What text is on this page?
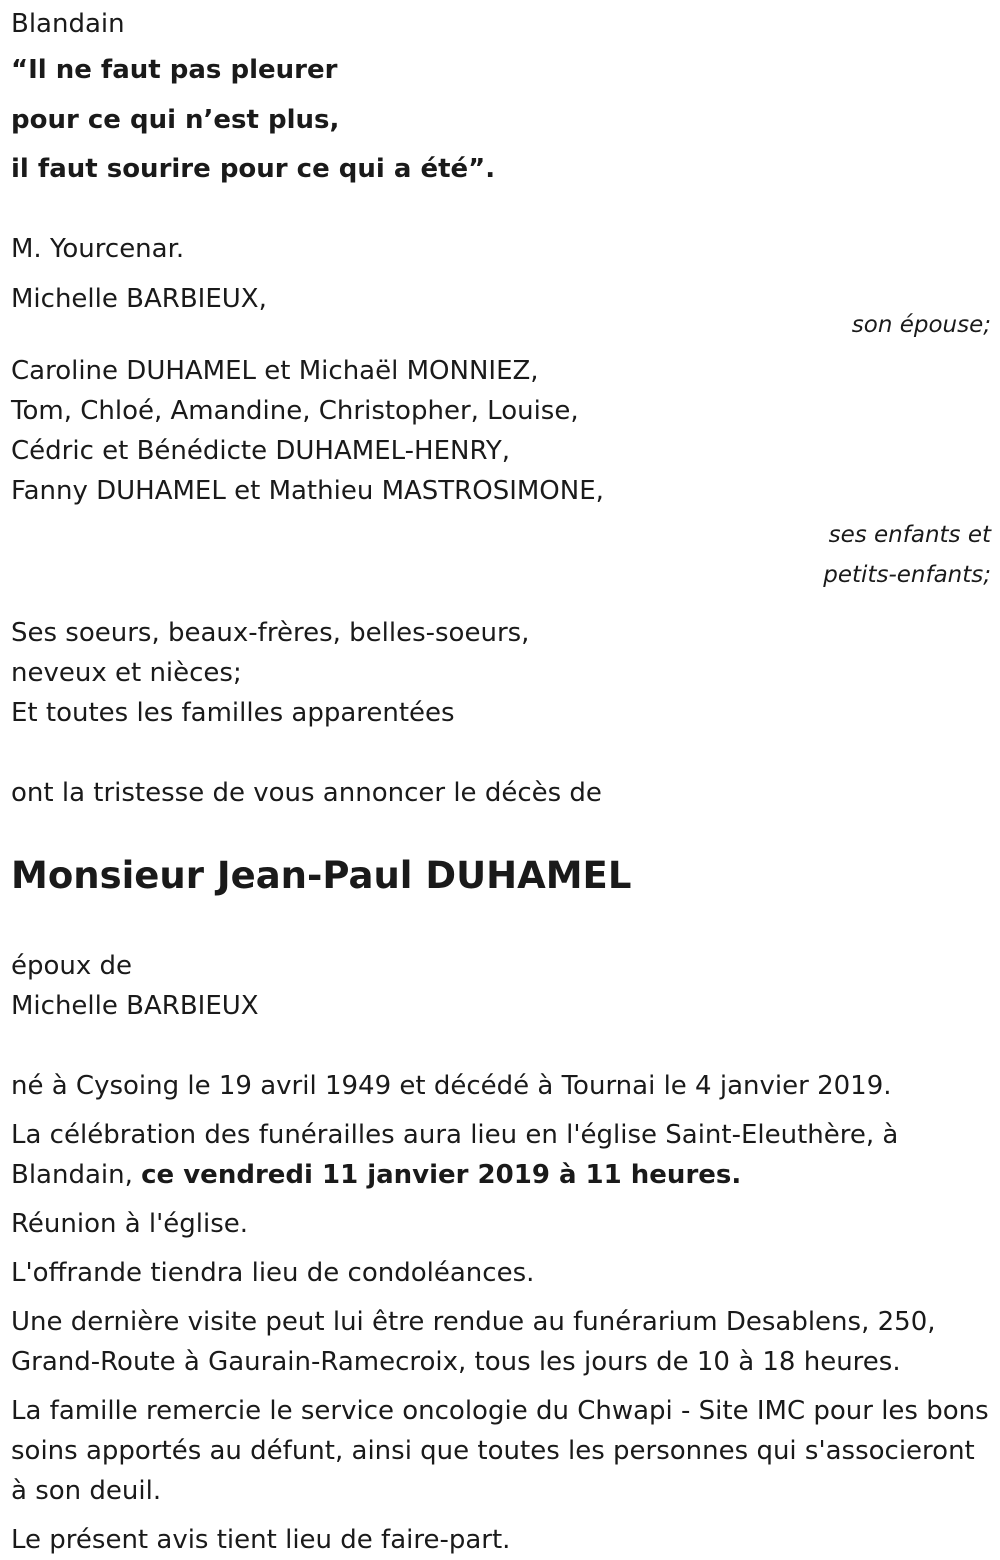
Blandain
“Il ne faut pas pleurer
pour ce qui n’est plus,
il faut sourire pour ce qui a été”.
M. Yourcenar.
Michelle BARBIEUX,
son épouse;
Caroline DUHAMEL et Michaël MONNIEZ,
Tom, Chloé, Amandine, Christopher, Louise,
Cédric et Bénédicte DUHAMEL-HENRY,
Fanny DUHAMEL et Mathieu MASTROSIMONE,
ses enfants et
petits-enfants;
Ses soeurs, beaux-frères, belles-soeurs,
neveux et nièces;
Et toutes les familles apparentées
ont la tristesse de vous annoncer le décès de
Monsieur Jean-Paul DUHAMEL
époux de
Michelle BARBIEUX
né à Cysoing le 19 avril 1949 et décédé à Tournai le 4 janvier 2019.
La célébration des funérailles aura lieu en l'église Saint-Eleuthère, à Blandain, ce vendredi 11 janvier 2019 à 11 heures.
Réunion à l'église.
L'offrande tiendra lieu de condoléances.
Une dernière visite peut lui être rendue au funérarium Desablens, 250, Grand-Route à Gaurain-Ramecroix, tous les jours de 10 à 18 heures.
La famille remercie le service oncologie du Chwapi - Site IMC pour les bons soins apportés au défunt, ainsi que toutes les personnes qui s'associeront à son deuil.
Le présent avis tient lieu de faire-part.
